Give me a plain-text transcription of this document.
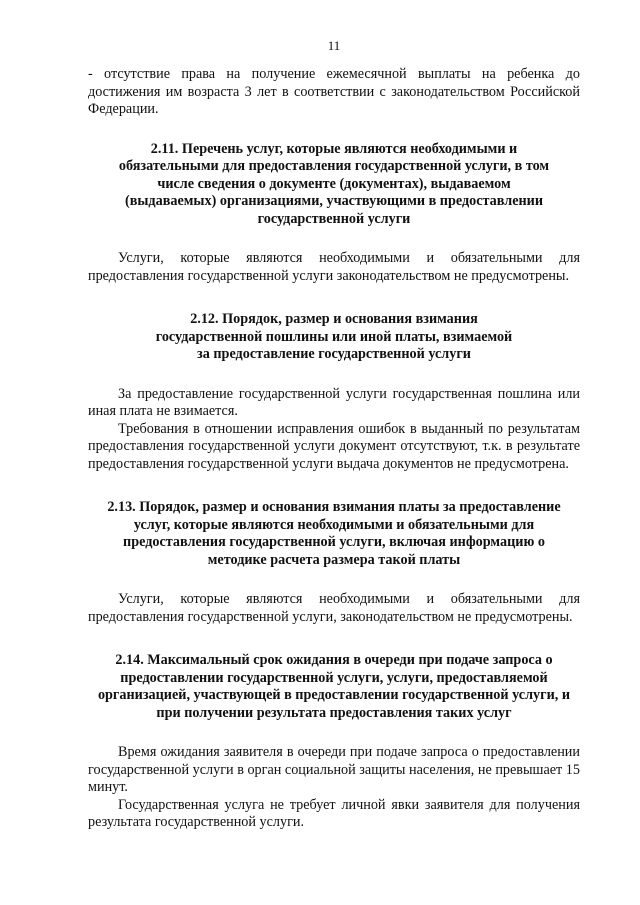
11

- отсутствие права на получение ежемесячной выплаты на ребенка до достижения им возраста 3 лет в соответствии с законодательством Российской Федерации.

2.11. Перечень услуг, которые являются необходимыми и обязательными для предоставления государственной услуги, в том числе сведения о документе (документах), выдаваемом (выдаваемых) организациями, участвующими в предоставлении государственной услуги

Услуги, которые являются необходимыми и обязательными для предоставления государственной услуги законодательством не предусмотрены.

2.12. Порядок, размер и основания взимания государственной пошлины или иной платы, взимаемой за предоставление государственной услуги

За предоставление государственной услуги государственная пошлина или иная плата не взимается.

Требования в отношении исправления ошибок в выданный по результатам предоставления государственной услуги документ отсутствуют, т.к. в результате предоставления государственной услуги выдача документов не предусмотрена.

2.13. Порядок, размер и основания взимания платы за предоставление услуг, которые являются необходимыми и обязательными для предоставления государственной услуги, включая информацию о методике расчета размера такой платы

Услуги, которые являются необходимыми и обязательными для предоставления государственной услуги, законодательством не предусмотрены.

2.14. Максимальный срок ожидания в очереди при подаче запроса о предоставлении государственной услуги, услуги, предоставляемой организацией, участвующей в предоставлении государственной услуги, и при получении результата предоставления таких услуг

Время ожидания заявителя в очереди при подаче запроса о предоставлении государственной услуги в орган социальной защиты населения, не превышает 15 минут.

Государственная услуга не требует личной явки заявителя для получения результата государственной услуги.
